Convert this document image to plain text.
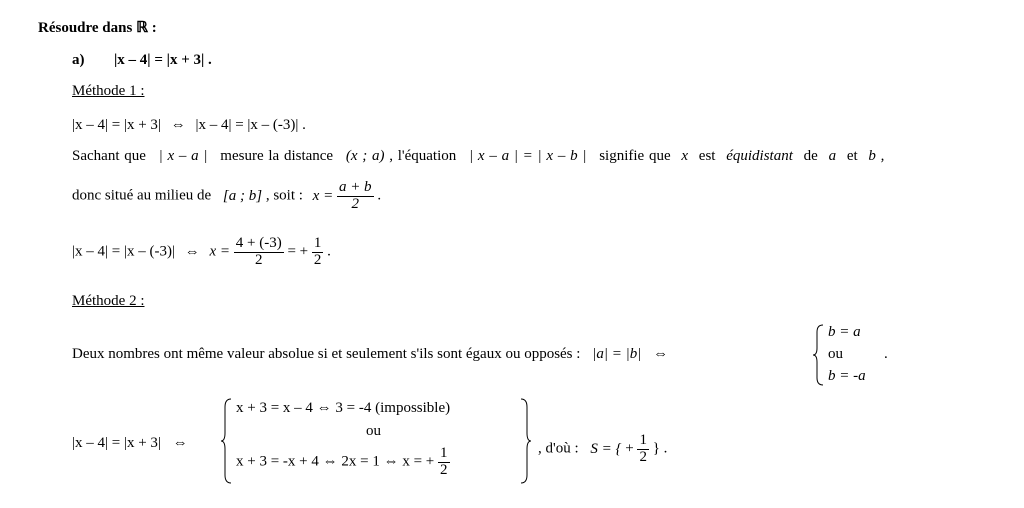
Résoudre dans ℝ :
a) |x – 4| = |x + 3| .
Méthode 1 :
|x – 4| = |x + 3| ⇔ |x – 4| = |x – (-3)| .
Sachant que | x – a | mesure la distance (x ; a) , l'équation | x – a | = | x – b | signifie que x est équidistant de a et b ,
donc situé au milieu de [a ; b] , soit : $x = \frac{a + b}{2}$ .
|x – 4| = |x – (-3)| ⇔ $x = \frac{4 + (-3)}{2}$ = + $\frac{1}{2}$ .
Méthode 2 :
Deux nombres ont même valeur absolue si et seulement s'ils sont égaux ou opposés : |a| = |b| ⇔
b = a
ou
b = -a
.
|x – 4| = |x + 3| ⇔
x + 3 = x – 4 ⇔ 3 = -4 (impossible)
ou
x + 3 = -x + 4 ⇔ 2x = 1 ⇔ x = + $\frac{1}{2}$	, d'où : S = { + $\frac{1}{2}$ } .
